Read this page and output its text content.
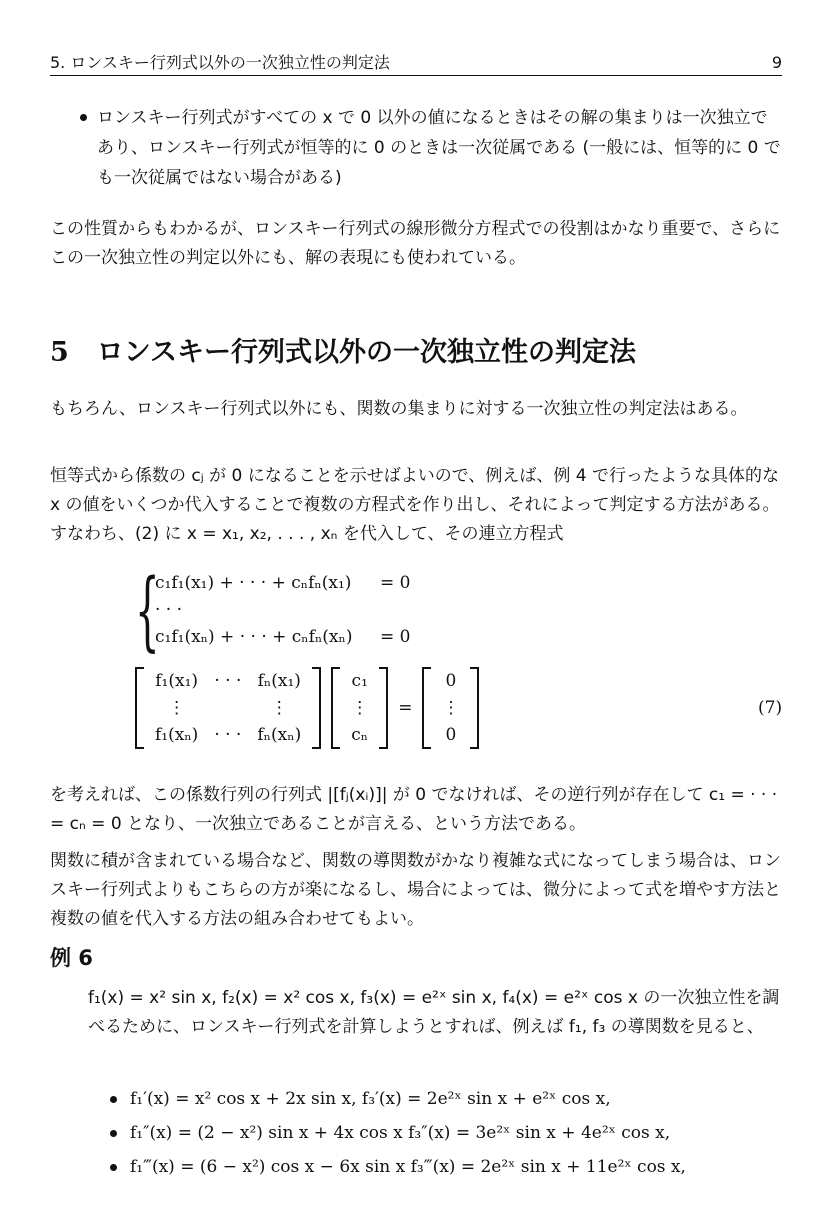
5. ロンスキー行列式以外の一次独立性の判定法	9
ロンスキー行列式がすべての x で 0 以外の値になるときはその解の集まりは一次独立であり、ロンスキー行列式が恒等的に 0 のときは一次従属である (一般には、恒等的に 0 でも一次従属ではない場合がある)
この性質からもわかるが、ロンスキー行列式の線形微分方程式での役割はかなり重要で、さらにこの一次独立性の判定以外にも、解の表現にも使われている。
5 ロンスキー行列式以外の一次独立性の判定法
もちろん、ロンスキー行列式以外にも、関数の集まりに対する一次独立性の判定法はある。
恒等式から係数の cⱼ が 0 になることを示せばよいので、例えば、例 4 で行ったような具体的な x の値をいくつか代入することで複数の方程式を作り出し、それによって判定する方法がある。すなわち、(2) に x = x₁, x₂, . . . , xₙ を代入して、その連立方程式
{
c₁f₁(x₁) + · · · + cₙfₙ(x₁)	= 0
· · ·
c₁f₁(xₙ) + · · · + cₙfₙ(xₙ)	= 0
f₁(x₁)	· · ·	fₙ(x₁)
⋮		⋮
f₁(xₙ)	· · ·	fₙ(xₙ)
c₁
⋮
cₙ
=
0
⋮
0
(7)
を考えれば、この係数行列の行列式 |[fⱼ(xᵢ)]| が 0 でなければ、その逆行列が存在して c₁ = · · · = cₙ = 0 となり、一次独立であることが言える、という方法である。
関数に積が含まれている場合など、関数の導関数がかなり複雑な式になってしまう場合は、ロンスキー行列式よりもこちらの方が楽になるし、場合によっては、微分によって式を増やす方法と複数の値を代入する方法の組み合わせてもよい。
例 6
f₁(x) = x² sin x, f₂(x) = x² cos x, f₃(x) = e²ˣ sin x, f₄(x) = e²ˣ cos x の一次独立性を調べるために、ロンスキー行列式を計算しようとすれば、例えば f₁, f₃ の導関数を見ると、
f₁′(x) = x² cos x + 2x sin x, f₃′(x) = 2e²ˣ sin x + e²ˣ cos x,
f₁″(x) = (2 − x²) sin x + 4x cos x f₃″(x) = 3e²ˣ sin x + 4e²ˣ cos x,
f₁‴(x) = (6 − x²) cos x − 6x sin x f₃‴(x) = 2e²ˣ sin x + 11e²ˣ cos x,
